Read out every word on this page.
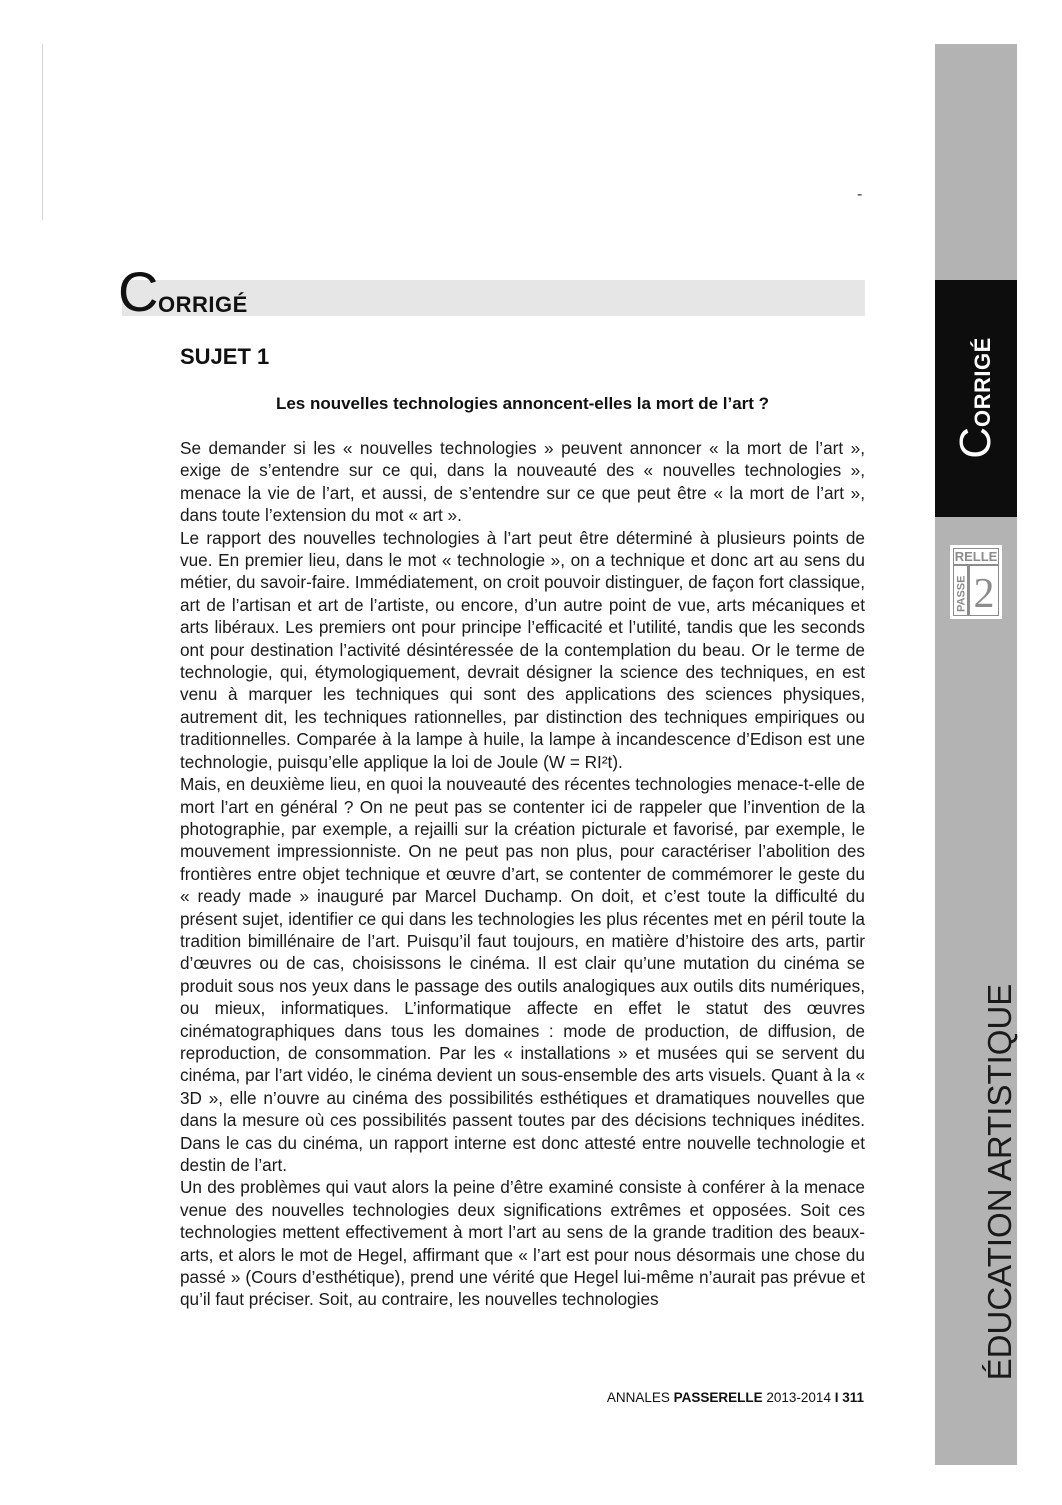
-
C ORRIGÉ
SUJET 1
Les nouvelles technologies annoncent-elles la mort de l’art ?

Se demander si les « nouvelles technologies » peuvent annoncer « la mort de l’art », exige de s’entendre sur ce qui, dans la nouveauté des « nouvelles technologies », menace la vie de l’art, et aussi, de s’entendre sur ce que peut être « la mort de l’art », dans toute l’extension du mot « art ».

Le rapport des nouvelles technologies à l’art peut être déterminé à plusieurs points de vue. En premier lieu, dans le mot « technologie », on a technique et donc art au sens du métier, du savoir-faire. Immédiatement, on croit pouvoir distinguer, de façon fort classique, art de l’artisan et art de l’artiste, ou encore, d’un autre point de vue, arts mécaniques et arts libéraux. Les premiers ont pour principe l’efficacité et l’utilité, tandis que les seconds ont pour destination l’activité désintéressée de la contemplation du beau. Or le terme de technologie, qui, étymologiquement, devrait désigner la science des techniques, en est venu à marquer les techniques qui sont des applications des sciences physiques, autrement dit, les techniques rationnelles, par distinction des techniques empiriques ou traditionnelles. Comparée à la lampe à huile, la lampe à incandescence d’Edison est une technologie, puisqu’elle applique la loi de Joule (W = RI²t).

Mais, en deuxième lieu, en quoi la nouveauté des récentes technologies menace-t-elle de mort l’art en général ? On ne peut pas se contenter ici de rappeler que l’invention de la photographie, par exemple, a rejailli sur la création picturale et favorisé, par exemple, le mouvement impressionniste. On ne peut pas non plus, pour caractériser l’abolition des frontières entre objet technique et œuvre d’art, se contenter de commémorer le geste du « ready made » inauguré par Marcel Duchamp. On doit, et c’est toute la difficulté du présent sujet, identifier ce qui dans les technologies les plus récentes met en péril toute la tradition bimillénaire de l’art. Puisqu’il faut toujours, en matière d’histoire des arts, partir d’œuvres ou de cas, choisissons le cinéma. Il est clair qu’une mutation du cinéma se produit sous nos yeux dans le passage des outils analogiques aux outils dits numériques, ou mieux, informatiques. L’informatique affecte en effet le statut des œuvres cinématographiques dans tous les domaines : mode de production, de diffusion, de reproduction, de consommation. Par les « installations » et musées qui se servent du cinéma, par l’art vidéo, le cinéma devient un sous-ensemble des arts visuels. Quant à la « 3D », elle n’ouvre au cinéma des possibilités esthétiques et dramatiques nouvelles que dans la mesure où ces possibilités passent toutes par des décisions techniques inédites. Dans le cas du cinéma, un rapport interne est donc attesté entre nouvelle technologie et destin de l’art.

Un des problèmes qui vaut alors la peine d’être examiné consiste à conférer à la menace venue des nouvelles technologies deux significations extrêmes et opposées. Soit ces technologies mettent effectivement à mort l’art au sens de la grande tradition des beaux-arts, et alors le mot de Hegel, affirmant que « l’art est pour nous désormais une chose du passé » (Cours d’esthétique), prend une vérité que Hegel lui-même n’aurait pas prévue et qu’il faut préciser. Soit, au contraire, les nouvelles technologies

ANNALES PASSERELLE 2013-2014 I 311
CORRIGÉ
RELLE
PASSE 2
ÉDUCATION ARTISTIQUE
